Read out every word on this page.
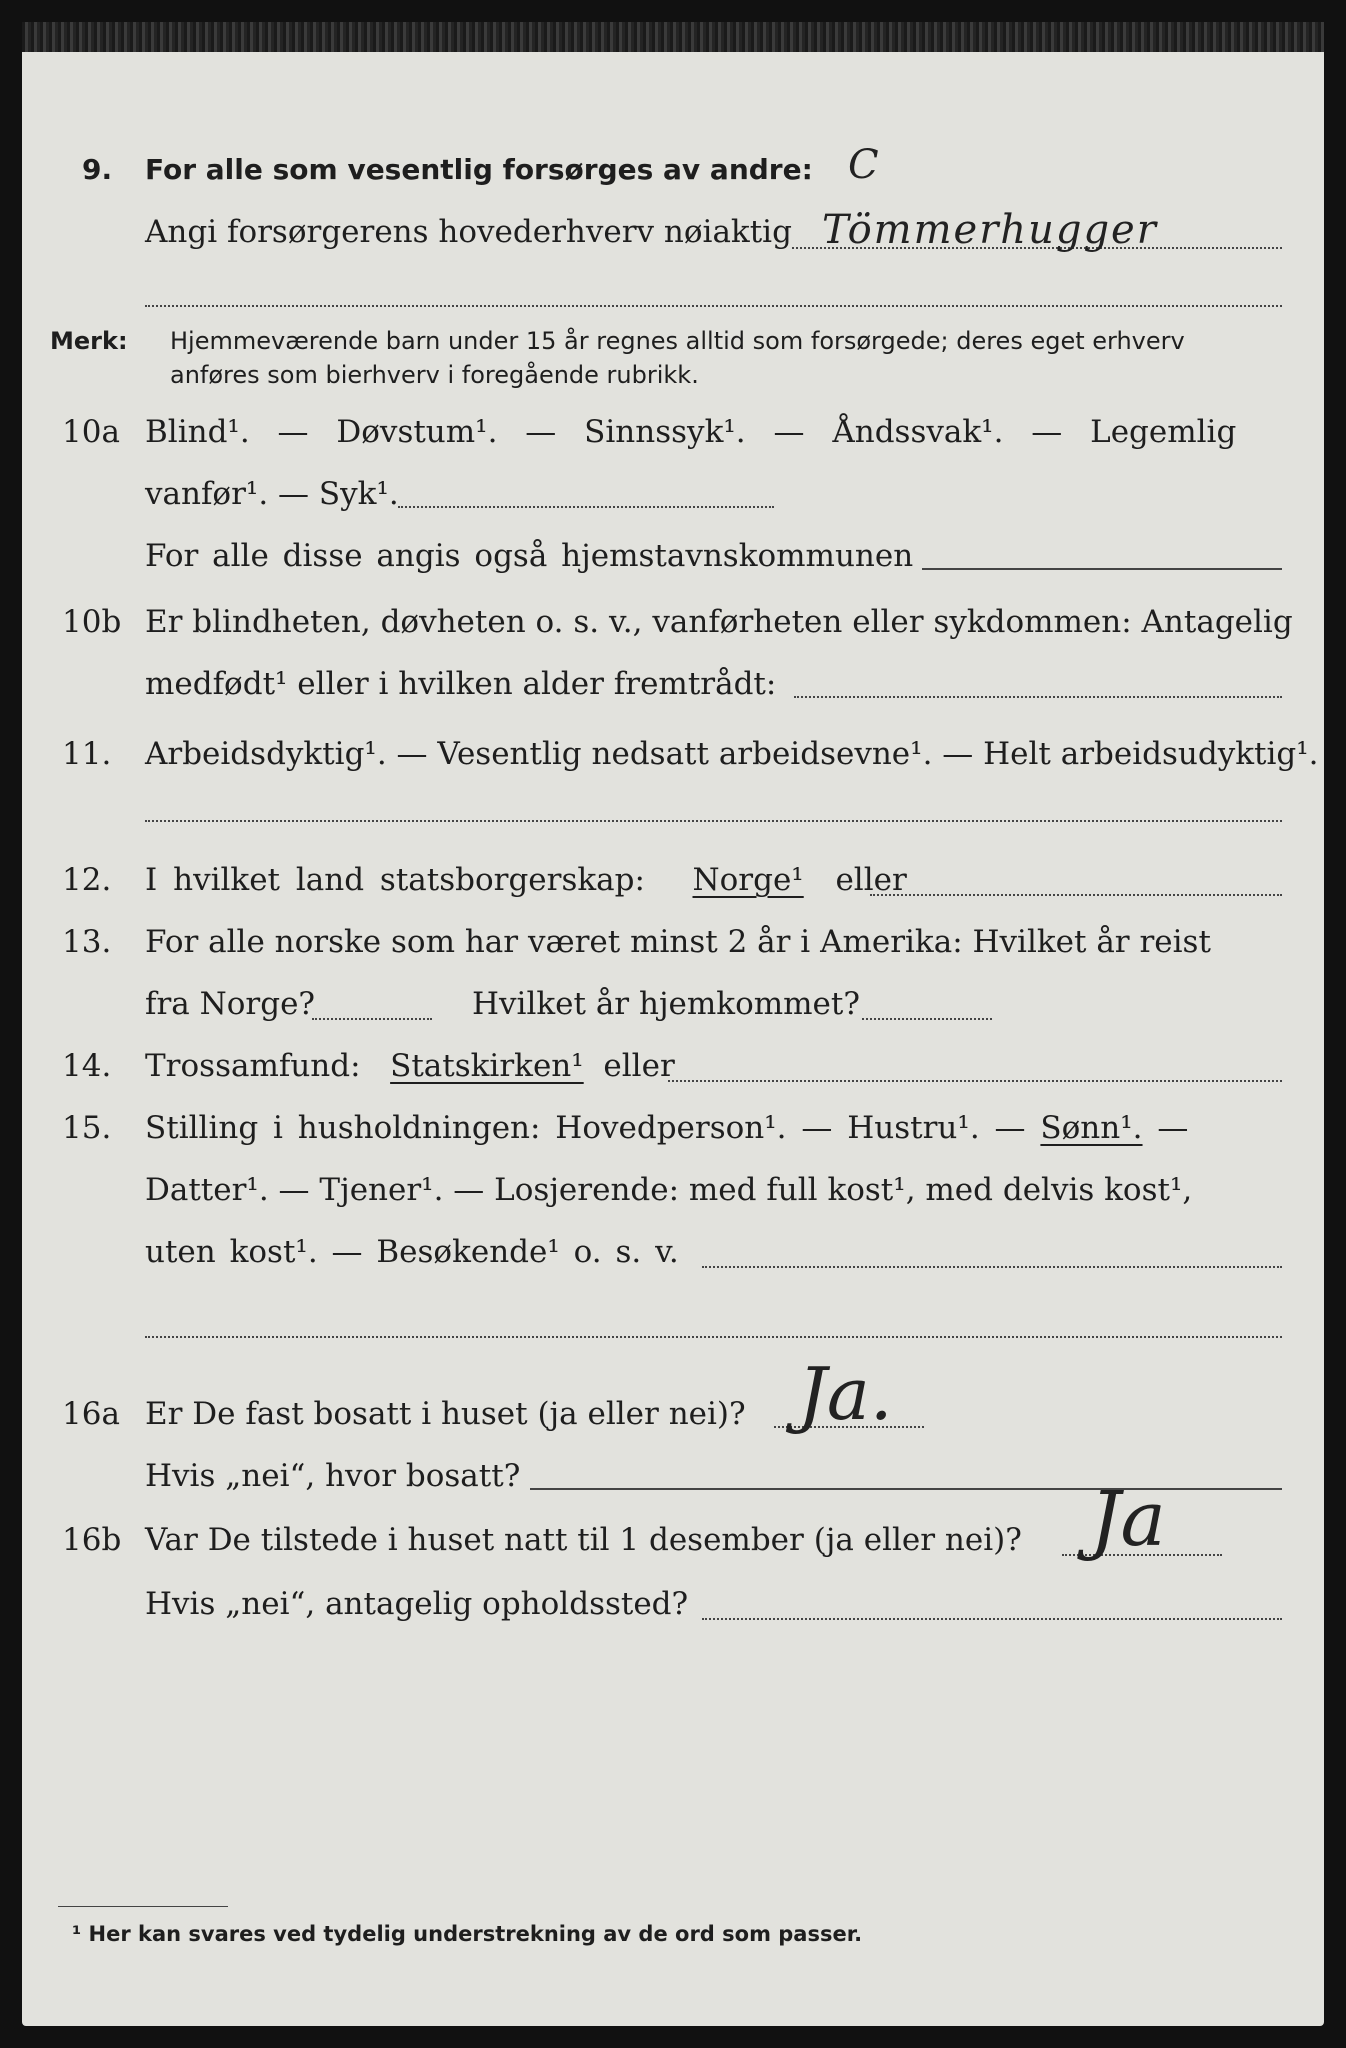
9. For alle som vesentlig forsørges av andre: C
Angi forsørgerens hovederhverv nøiaktig Tömmerhugger
Merk: Hjemmeværende barn under 15 år regnes alltid som forsørgede; deres eget erhverv
anføres som bierhverv i foregående rubrikk.
10a Blind¹. — Døvstum¹. — Sinnssyk¹. — Åndssvak¹. — Legemlig
vanfør¹. — Syk¹.
For alle disse angis også hjemstavnskommunen
10b Er blindheten, døvheten o. s. v., vanførheten eller sykdommen: Antagelig
medfødt¹ eller i hvilken alder fremtrådt:
11. Arbeidsdyktig¹. — Vesentlig nedsatt arbeidsevne¹. — Helt arbeidsudyktig¹.
12. I hvilket land statsborgerskap: Norge¹ eller
13. For alle norske som har været minst 2 år i Amerika: Hvilket år reist
fra Norge?	Hvilket år hjemkommet?
14. Trossamfund: Statskirken¹ eller
15. Stilling i husholdningen: Hovedperson¹. — Hustru¹. — Sønn¹. —
Datter¹. — Tjener¹. — Losjerende: med full kost¹, med delvis kost¹,
uten kost¹. — Besøkende¹ o. s. v.
16a Er De fast bosatt i huset (ja eller nei)? Ja.
Hvis „nei“, hvor bosatt?
16b Var De tilstede i huset natt til 1 desember (ja eller nei)? Ja
Hvis „nei“, antagelig opholdssted?
¹ Her kan svares ved tydelig understrekning av de ord som passer.
